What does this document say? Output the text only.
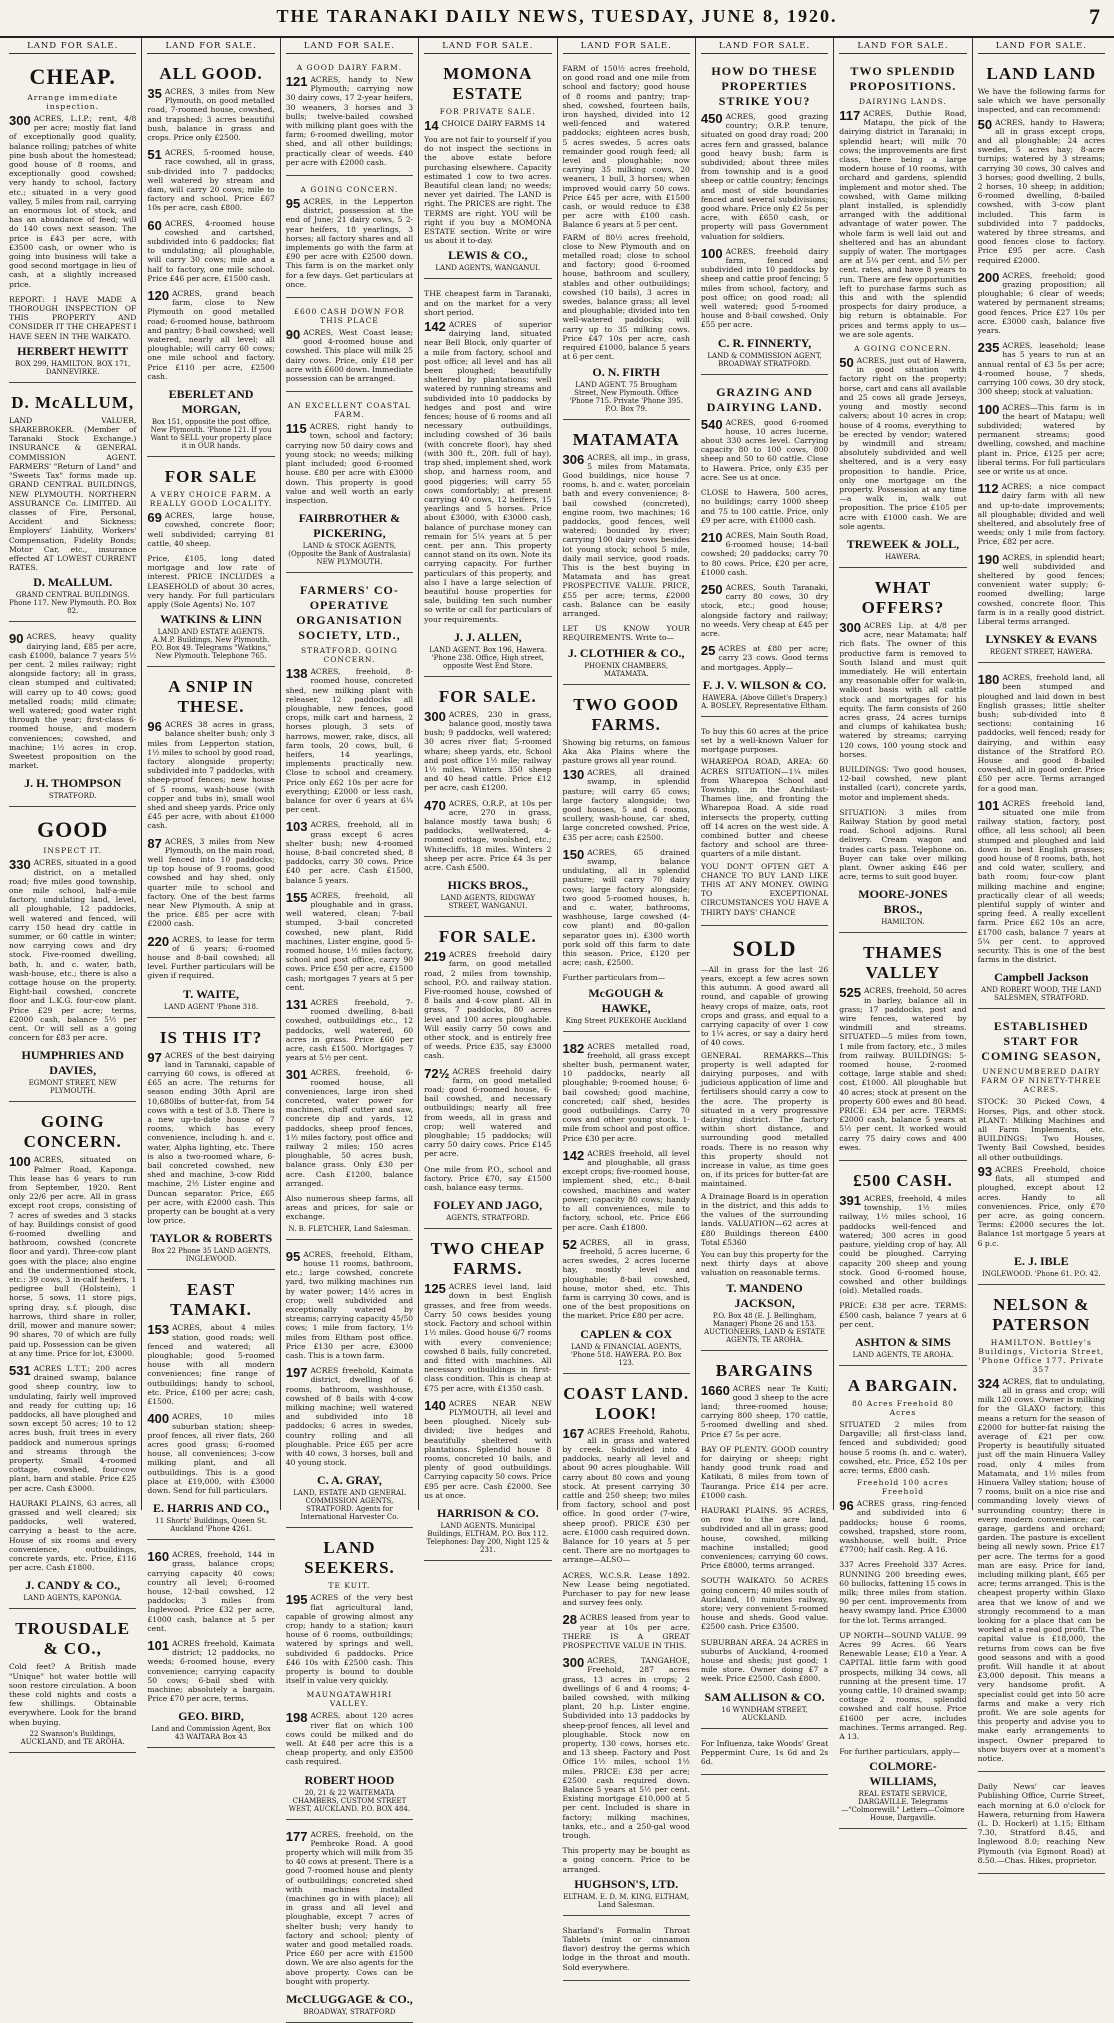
THE TARANAKI DAILY NEWS, TUESDAY, JUNE 8, 1920.	7
LAND FOR SALE.
CHEAP.
Arrange immediate inspection.
300 ACRES, L.I.P.; rent, 4/8 per acre; mostly flat land of exceptionally good quality, balance rolling; patches of white pine bush about the homestead; good house of 8 rooms, and exceptionally good cowshed; very handy to school, factory etc.; situated in a very good valley, 5 miles from rail, carrying an enormous lot of stock, and has an abundance of feed; will do 140 cows next season. The price is £43 per acre, with £3500 cash, or owner who is going into business will take a good second mortgage in lieu of cash, at a slightly increased price.
REPORT: I HAVE MADE A THOROUGH INSPECTION OF THIS PROPERTY AND CONSIDER IT THE CHEAPEST I HAVE SEEN IN THE WAIKATO.
HERBERT HEWITT
BOX 299, HAMILTON. BOX 171, DANNEVIRKE.
D. McALLUM,
LAND VALUER, SHAREBROKER. (Member of Taranaki Stock Exchange.) INSURANCE & GENERAL COMMISSION AGENT. FARMERS' "Return of Land" and "Sweets Tax" forms made up. GRAND CENTRAL BUILDINGS, NEW PLYMOUTH. NORTHERN ASSURANCE Co. LIMITED. All classes of Fire, Personal, Accident and Sickness; Employers' Liability, Workers' Compensation, Fidelity Bonds; Motor Car, etc., insurance effected AT LOWEST CURRENT RATES.
D. McALLUM.
GRAND CENTRAL BUILDINGS. Phone 117. New Plymouth. P.O. Box 82.
90 ACRES, heavy quality dairying land, £85 per acre, cash £1000, balance 7 years 5½ per cent. 2 miles railway; right alongside factory; all in grass, clean stumped and cultivated; will carry up to 40 cows; good metalled roads; mild climate; well watered; good water right through the year; first-class 6-roomed house, and modern conveniences; cowshed, and machine; 1½ acres in crop. Sweetest proposition on the market.
J. H. THOMPSON
STRATFORD.
GOOD
INSPECT IT.
330 ACRES, situated in a good district, on a metalled road; five miles good township, one mile school, half-a-mile factory, undulating land, level, all ploughable, 12 paddocks, well watered and fenced, will carry 150 head dry cattle in summer, or 60 cattle in winter; now carrying cows and dry stock. Five-roomed dwelling, bath, h. and c. water, bath, wash-house, etc.; there is also a cottage house on the property. Eight-bail cowshed, concrete floor and L.K.G. four-cow plant. Price £29 per acre; terms, £2000 cash, balance 5½ per cent. Or will sell as a going concern for £83 per acre.
HUMPHRIES AND DAVIES,
EGMONT STREET, NEW PLYMOUTH.
GOING CONCERN.
100 ACRES, situated on Palmer Road, Kaponga. This lease has 6 years to run from September, 1920. Rent only 22/6 per acre. All in grass except root crops, consisting of 7 acres of swedes and 3 stacks of hay. Buildings consist of good 6-roomed dwelling and bathroom, cowshed (concrete floor and yard). Three-cow plant goes with the place; also engine and the undermentioned stock, etc.: 39 cows, 3 in-calf heifers, 1 pedigree bull (Holstein), 1 horse, 5 sows, 11 store pigs, spring dray, s.f. plough, disc harrows, third share in roller, drill, mower and manure sower; 90 shares, 70 of which are fully paid up. Possession can be given at any time. Price for lot, £3000.
531 ACRES L.T.T.; 200 acres drained swamp, balance good sheep country, low to undulating, fairly well improved and ready for cutting up; 16 paddocks, all have ploughed and sown except 50 acres; 10 to 12 acres bush, fruit trees in every paddock and numerous springs and streams through the property. Small 4-roomed cottage, cowshed, four-cow plant, barn and stable. Price £25 per acre. Cash £3000.
HAURAKI PLAINS, 63 acres, all grassed and well cleared; six paddocks, well watered, carrying a beast to the acre. House of six rooms and every convenience, outbuildings, concrete yards, etc. Price, £116 per acre. Cash £1800.
J. CANDY & CO.,
LAND AGENTS, KAPONGA.
TROUSDALE & CO.,
Cold feet? A British made "Unique" hot water bottle will soon restore circulation. A boon these cold nights and costs a few shillings. Obtainable everywhere. Look for the brand when buying.
22 Swanson's Buildings, AUCKLAND, and TE AROHA.
LAND FOR SALE.
ALL GOOD.
35 ACRES, 3 miles from New Plymouth, on good metalled road, 7-roomed house, cowshed, and trapshed; 3 acres beautiful bush, balance in grass and crops. Price only £2500.
51 ACRES, 5-roomed house, race cowshed, all in grass, sub-divided into 7 paddocks; well watered by stream and dam, will carry 20 cows; mile to factory and school. Price £67 10s per acre, cash £800.
60 ACRES, 4-roomed house cowshed and cartshed, subdivided into 6 paddocks; flat to undulating; all ploughable, will carry 30 cows; mile and a half to factory, one mile school. Price £46 per acre, £1500 cash.
120 ACRES, grand beach farm, close to New Plymouth on good metalled road; 6-roomed house, bathroom and pantry; 8-bail cowshed; well watered, nearly all level; all ploughable; will carry 60 cows; one mile school and factory. Price £110 per acre, £2500 cash.
EBERLET AND MORGAN,
Box 151, opposite the post office, New Plymouth. 'Phone 121. If you Want to SELL your property place it in OUR hands.
FOR SALE
A VERY CHOICE FARM. A REALLY GOOD LOCALITY.
69 ACRES, large house, cowshed, concrete floor; well subdivided; carrying 81 cattle, 40 sheep.
Price, £105, long dated mortgage and low rate of interest. PRICE INCLUDES a LEASEHOLD of about 30 acres, very handy. For full particulars apply (Sole Agents) No. 107
WATKINS & LINN
LAND AND ESTATE AGENTS. A.M.P. Buildings, New Plymouth. P.O. Box 49. Telegrams "Watkins," New Plymouth. Telephone 765.
A SNIP IN THESE.
96 ACRES 38 acres in grass, balance shelter bush; only 3 miles from Lepperton station, 1½ miles to school by good road, factory alongside property; subdivided into 7 paddocks, with sheep-proof fences; new house of 5 rooms, wash-house (with copper and tubs in), small wool shed and sheep yards. Price only £45 per acre, with about £1000 cash.
87 ACRES, 3 miles from New Plymouth, on the main road, well fenced into 10 paddocks; tip top house of 9 rooms, good cowshed and hay shed, only quarter mile to school and factory. One of the best farms near New Plymouth. A snip at the price. £85 per acre with £2000 cash.
220 ACRES, to lease for term of 6 years; 6-roomed house and 8-bail cowshed; all level. Further particulars will be given if required.
T. WAITE,
LAND AGENT 'Phone 318.
IS THIS IT?
97 ACRES of the best dairying land in Taranaki, capable of carrying 60 cows, is offered at £65 an acre. The returns for season ending 30th April are 10,680lbs of butter-fat, from 54 cows with a test of 3.8. There is a new up-to-date house of 7 rooms, which has every convenience, including h. and c. water, Alpha lighting, etc. There is also a two-roomed whare, 6-bail concreted cowshed, new shed and machine, 3-cow Ridd machine, 2½ Lister engine and Duncan separator. Price, £65 per acre, with £2000 cash. This property can be bought at a very low price.
TAYLOR & ROBERTS
Box 22 Phone 35 LAND AGENTS, INGLEWOOD.
EAST TAMAKI.
153 ACRES, about 4 miles station, good roads; well fenced and watered; all ploughable; good 5-roomed house with all modern conveniences; fine range of outbuildings; handy to school, etc. Price, £100 per acre; cash, £1500.
400 ACRES, 10 miles suburban station; sheep-proof fences, all river flats, 260 acres good grass; 6-roomed house, all conveniences; 3-cow milking plant, and all outbuildings. This is a good place at £19,000, with £3000 down. Send for full particulars.
E. HARRIS AND CO.,
11 Shorts' Buildings, Queen St. Auckland 'Phone 4261.
160 ACRES, freehold, 144 in grass, balance crops; carrying capacity 40 cows; country all level; 6-roomed house, 12-bail cowshed, 12 paddocks; 3 miles from Inglewood. Price £32 per acre, £1000 cash, balance at 5 per cent.
101 ACRES freehold, Kaimata district; 12 paddocks, no weeds; 6-roomed house, every convenience; carrying capacity 50 cows; 6-bail shed with machine; absolutely a bargain. Price £70 per acre, terms.
GEO. BIRD,
Land and Commission Agent, Box 43 WAITARA Box 43
LAND FOR SALE.
A GOOD DAIRY FARM.
121 ACRES, handy to New Plymouth; carrying now 30 dairy cows, 17 2-year heifers, 30 weaners, 3 horses and 3 bulls; twelve-bailed cowshed with milking plant goes with the farm; 6-roomed dwelling, motor shed, and all other buildings; practically clear of weeds. £40 per acre with £2000 cash.
A GOING CONCERN.
95 ACRES, in the Lepperton district, possession at the end of June; 21 dairy cows, 5 2-year heifers, 18 yearlings, 3 horses; all factory shares and all implements go with the farm at £90 per acre with £2500 down. This farm is on the market only for a few days. Get particulars at once.
£600 CASH DOWN FOR THIS PLACE
90 ACRES, West Coast lease; good 4-roomed house and cowshed. This place will milk 25 dairy cows. Price, only £18 per acre with £600 down. Immediate possession can be arranged.
AN EXCELLENT COASTAL FARM.
115 ACRES, right handy to town, school and factory; carrying now 50 dairy cows and young stock; no weeds; milking plant included; good 6-roomed house. £80 per acre with £3000 down. This property is good value and well worth an early inspection.
FAIRBROTHER & PICKERING,
LAND & STOCK AGENTS, (Opposite the Bank of Australasia) NEW PLYMOUTH.
FARMERS' CO-OPERATIVE ORGANISATION SOCIETY, LTD.,
STRATFORD. GOING CONCERN.
138 ACRES, freehold, 8-roomed house, concreted shed, new milking plant with releaser, 12 paddocks all ploughable, new fences, good crops, milk cart and harness, 2 horses plough, 3 sets of harrows, mower, rake, discs, all farm tools, 20 cows, bull, 6 heifers, 14 yearlings, implements practically new. Close to school and creamery. Price only £62 10s per acre for everything; £2000 or less cash, balance for over 6 years at 6¼ per cent.
103 ACRES, freehold, all in grass except 6 acres shelter bush; new 4-roomed house, 8-bail concreted shed, 8 paddocks, carry 30 cows. Price £40 per acre. Cash £1500, balance 5 years.
155 ACRES, freehold, all ploughable and in grass, well watered, clean; 7-bail stumped, 3-bail concreted cowshed, new plant, Ridd machines, Lister engine, good 5-roomed house, 1½ miles factory, school and post office, carry 90 cows. Price £50 per acre, £1500 cash; mortgages 7 years at 5 per cent.
131 ACRES freehold, 7-roomed dwelling, 8-bail cowshed, outbuildings etc., 12 paddocks, well watered, 60 acres in grass. Price £60 per acre, cash £1500. Mortgages 7 years at 5½ per cent.
301 ACRES, freehold, 6-roomed house, all conveniences, large iron shed concreted, water power for machines, chaff cutter and saw, concrete dip and yards, 12 paddocks, sheep proof fences, 1½ miles factory, post office and railway 2 miles; 150 acres ploughable, 50 acres bush, balance grass. Only £30 per acre. Cash £1200, balance arranged.
Also numerous sheep farms, all areas and prices, for sale or exchange.
N. B. FLETCHER, Land Salesman.
95 ACRES, freehold, Eltham, house 11 rooms, bathroom, etc.; large cowshed, concrete yard, two milking machines run by water power; 14½ acres in crop; well subdivided and exceptionally watered by streams; carrying capacity 45/50 cows; 1 mile from factory, 1½ miles from Eltham post office. Price £130 per acre, £3000 cash. This is a town farm.
197 ACRES freehold, Kaimata district, dwelling of 6 rooms, bathroom, washhouse, cowshed of 8 bails with 4-cow milking machine; well watered and subdivided into 18 paddocks; 6 acres in swedes, country rolling and all ploughable. Price £65 per acre with 40 cows, 3 horses, bull and 40 young stock.
C. A. GRAY,
LAND, ESTATE AND GENERAL COMMISSION AGENTS, STRATFORD. Agents for International Harvester Co.
LAND SEEKERS.
TE KUIT.
195 ACRES of the very best flat agricultural land, capable of growing almost any crop; handy to a station; kauri house of 6 rooms, outbuildings; watered by springs and well, subdivided 6 paddocks. Price £46 10s with £2500 cash. This property is bound to double itself in value very quickly.
MAUNGATAWHIRI VALLEY.
198 ACRES, about 120 acres river flat on which 100 cows could be milked and do well. At £48 per acre this is a cheap property, and only £3500 cash required.
ROBERT HOOD
20, 21 & 22 WAITEMATA CHAMBERS, CUSTOM STREET WEST, AUCKLAND. P.O. BOX 484.
177 ACRES, freehold, on the Pembroke Road. A good property which will milk from 35 to 40 cows at present. There is a good 7-roomed house and plenty of outbuildings; concreted shed with machines installed (machines go in with place); all in grass and all level and ploughable, except 7 acres of shelter bush; very handy to factory and school; plenty of water and good metalled roads. Price £60 per acre with £1500 down. We are also agents for the above property. Cows can be bought with property.
McCLUGGAGE & CO.,
BROADWAY, STRATFORD
LAND FOR SALE.
MOMONA ESTATE
FOR PRIVATE SALE.
14 CHOICE DAIRY FARMS 14
You are not fair to yourself if you do not inspect the sections in the above estate before purchasing elsewhere. Capacity estimated 1 cow to two acres. Beautiful clean land; no weeds; never yet dairied. The LAND is right. The PRICES are right. The TERMS are right. YOU will be right if you buy a MOMONA ESTATE section. Write or wire us about it to-day.
LEWIS & CO.,
LAND AGENTS, WANGANUI.
THE cheapest farm in Taranaki, and on the market for a very short period.
142 ACRES of superior dairying land, situated near Bell Block, only quarter of a mile from factory, school and post office; all level and has all been ploughed; beautifully sheltered by plantations; well watered by running streams and subdivided into 10 paddocks by hedges and post and wire fences; house of 6 rooms and all necessary outbuildings, including cowshed of 36 bails (with concrete floor), hay shed (with 300 ft., 20ft. full of hay), trap shed, implement shed, work shop, and harness room, and good piggeries; will carry 55 cows comfortably; at present carrying 40 cows, 12 heifers, 15 yearlings and 5 horses. Price about £3000, with £3000 cash, balance of purchase money can remain for 5¼ years at 5 per cent. per ann. This property cannot stand on its own. Note its carrying capacity. For further particulars of this property, and also I have a large selection of beautiful house properties for sale, building ten such number so write or call for particulars of your requirements.
J. J. ALLEN,
LAND AGENT. Box 196, Hawera. 'Phone 238. Office, High street, opposite West End Store.
FOR SALE.
300 ACRES, 230 in grass, balance good, mostly tawa bush; 9 paddocks, well watered; 30 acres river flat; 5-roomed whare; sheep yards, etc. School and post office 1½ mile; railway 1½ miles. Winters 350 sheep and 40 head cattle. Price £12 per acre, cash £1200.
470 ACRES, O.R.P., at 10s per acre, 270 in grass, balance mostly tawa bush; 6 paddocks, wellwatered, 4-roomed cottage, woolshed, etc.; Whitecliffs, 18 miles. Winters 2 sheep per acre. Price £4 3s per acre. Cash £500.
HICKS BROS.,
LAND AGENTS, RIDGWAY STREET, WANGANUI.
FOR SALE.
219 ACRES freehold dairy farm, on good metalled road, 2 miles from township, school, P.O. and railway station. Five-roomed house, cowshed of 8 bails and 4-cow plant. All in grass, 7 paddocks, 80 acres level and 100 acres ploughable. Will easily carry 50 cows and other stock, and is entirely free of weeds. Price £35, say £3000 cash.
72½ ACRES freehold dairy farm, on good metalled road; good 6-roomed house, 6-bail cowshed, and necessary outbuildings; nearly all free from weeds, all in grass and crop; well watered and ploughable; 15 paddocks; will carry 50 dairy cows. Price £145 per acre.
One mile from P.O., school and factory. Price £70, say £1500 cash, balance easy terms.
FOLEY AND JAGO,
AGENTS, STRATFORD.
TWO CHEAP FARMS.
125 ACRES level land, laid down in best English grasses, and free from weeds. Carry 50 cows besides young stock. Factory and school within 1½ miles. Good house 6/7 rooms with every convenience; cowshed 8 bails, fully concreted, and fitted with machines. All necessary outbuildings in first-class condition. This is cheap at £75 per acre, with £1350 cash.
140 ACRES NEAR NEW PLYMOUTH, all level and been ploughed. Nicely sub-divided; live hedges and beautifully sheltered with plantations. Splendid house 8 rooms, concreted 10 bails, and plenty of good outbuildings. Carrying capacity 50 cows. Price £95 per acre. Cash £2000. See us at once.
HARRISON & CO.
LAND AGENTS. Municipal Buildings, ELTHAM. P.O. Box 112. Telephones: Day 200, Night 125 & 231.
LAND FOR SALE.
FARM of 150½ acres freehold, on good road and one mile from school and factory; good house of 8 rooms and pantry; trap-shed, cowshed, fourteen bails, iron hayshed, divided into 12 well-fenced and watered paddocks; eighteen acres bush, 5 acres swedes, 5 acres oats remainder good rough feed; all level and ploughable; now carrying 35 milking cows, 20 weaners, 1 bull, 3 horses; when improved would carry 50 cows. Price £45 per acre, with £1500 cash, or would reduce to £38 per acre with £100 cash. Balance 6 years at 5 per cent.
FARM of 80½ acres freehold, close to New Plymouth and on metalled road; close to school and factory; good 6-roomed house, bathroom and scullery, stables and other outbuildings; cowshed (10 bails), 3 acres in swedes, balance grass; all level and ploughable; divided into ten well-watered paddocks; will carry up to 35 milking cows. Price £47 10s per acre, cash required £1000, balance 5 years at 6 per cent.
O. N. FIRTH
LAND AGENT. 75 Brougham Street, New Plymouth. Office 'Phone 715. Private 'Phone 395. P.O. Box 79.
MATAMATA
306 ACRES, all imp., in grass, 5 miles from Matamata. Good buildings, nice house 7 rooms, h. and c. water, porcelain bath and every convenience; 8-bail cowshed (concreted), engine room, two machines; 16 paddocks, good fences, well watered; bounded by river; carrying 100 dairy cows besides lot young stock; school 5 mile, daily mail service, good roads. This is the best buying in Matamata and has great PROSPECTIVE VALUE. PRICE, £55 per acre; terms, £2000 cash. Balance can be easily arranged.
LET US KNOW YOUR REQUIREMENTS. Write to—
J. CLOTHIER & CO.,
PHOENIX CHAMBERS, MATAMATA.
TWO GOOD FARMS.
Showing big returns, on famous Aka Aka Plains where the pasture grows all year round.
130 ACRES, all drained swamp, in splendid pasture; will carry 65 cows; large factory alongside; two good houses, 5 and 6 rooms, scullery, wash-house, car shed, large concreted cowshed. Price, £35 per acre; cash £2500.
150 ACRES, 65 drained swamp, balance undulating, all in splendid pasture; will carry 70 dairy cows; large factory alongside; two good 5-roomed houses, h. and c. water, bathrooms, washhouse, large cowshed (4-cow plant) and 80-gallon separator goes in). £300 worth pork sold off this farm to date this season. Price, £120 per acre; cash, £2500.
Further particulars from—
McGOUGH & HAWKE,
King Street PUKEKOHE Auckland
182 ACRES metalled road, freehold, all grass except shelter bush, permanent water, 10 paddocks, nearly all ploughable; 9-roomed house; 6-bail cowshed; good machine, concreted; calf shed, besides good outbuildings. Carry 70 cows and other young stock. 1-mile from school and post office. Price £30 per acre.
142 ACRES freehold, all level and ploughable, all grass except crops; five-roomed house, implement shed, etc.; 8-bail cowshed, machines and water power; capacity 80 cows; handy to all conveniences, mile to factory, school, etc. Price £66 per acre. Cash £1800.
52 ACRES, all in grass, freehold, 5 acres lucerne, 6 acres swedes, 2 acres lucerne hay, mostly level and ploughable; 8-bail cowshed, house, motor shed, etc. This farm is carrying 30 cows, and is one of the best propositions on the market. Price £80 per acre.
CAPLEN & COX
LAND & FINANCIAL AGENTS, 'Phone 518. HAWERA. P.O. Box 123.
COAST LAND. LOOK!
167 ACRES Freehold, Rahotu, all in grass and watered by creek. Subdivided into 4 paddocks, nearly all level and about 90 acres ploughable. Will carry about 80 cows and young stock. At present carrying 30 cattle and 250 sheep; two miles from factory, school and post office. In good order (7-wire, sheep proof). PRICE £30 per acre. £1000 cash required down. Balance for 10 years at 5 per cent. There are no mortgages to arrange—ALSO—
ACRES, W.C.S.R. Lease 1892. New Lease being negotiated. Purchaser to pay for new lease and survey fees only.
28 ACRES leased from year to year at 10s per acre. THERE IS A GREAT PROSPECTIVE VALUE IN THIS.
300 ACRES, TANGAHOE, Freehold, 287 acres grass, 13 acres in crops; 2 dwellings of 6 and 4 rooms; 4-bailed cowshed, with milking plant, 20 h.p. Lister engine. Subdivided into 13 paddocks by sheep-proof fences, all level and ploughable. Stock now on property, 130 cows, horses etc. and 13 sheep. Factory and Post Office 1½ miles, school 1½ miles. PRICE: £38 per acre; £2500 cash required down. Balance 5 years at 5½ per cent. Existing mortgage £10,000 at 5 per cent. Included is share in factory; milking machines, tanks, etc., and a 250-gal wood trough.
This property may be bought as a going concern. Price to be arranged.
HUGHSON'S, LTD.
ELTHAM. E. D. M. KING, ELTHAM, Land Salesman.
Sharland's Formalin Throat Tablets (mint or cinnamon flavor) destroy the germs which lodge in the throat and mouth. Sold everywhere.
LAND FOR SALE.
HOW DO THESE PROPERTIES STRIKE YOU?
450 ACRES, good grazing country; O.R.P. tenure, situated on good dray road; 200 acres fern and grassed, balance good heavy bush; farm is subdivided; about three miles from township and is a good sheep or cattle country; fencings and most of side boundaries fenced and several subdivisions; good whare. Price only £2 5s per acre, with £650 cash, or property will pass Government valuation for soldiers.
100 ACRES, freehold dairy farm, fenced and subdivided into 10 paddocks by sheep and cattle proof fencing; 5 miles from school, factory, and post office; on good road; all well watered; good 5-roomed house and 8-bail cowshed. Only £55 per acre.
C. R. FINNERTY,
LAND & COMMISSION AGENT, BROADWAY STRATFORD.
GRAZING AND DAIRYING LAND.
540 ACRES, good 6-roomed house, 10 acres lucerne, about 330 acres level. Carrying capacity 80 to 100 cows, 800 sheep and 50 to 60 cattle. Close to Hawera. Price, only £35 per acre. See us at once.
CLOSE to Hawera, 500 acres, no buildings; carry 1000 sheep and 75 to 100 cattle. Price, only £9 per acre, with £1000 cash.
210 ACRES, Main South Road, 6-roomed house; 14-bail cowshed; 20 paddocks; carry 70 to 80 cows. Price, £20 per acre, £1000 cash.
250 ACRES, South Taranaki, carry 80 cows, 30 dry stock, etc.; good house; alongside factory and railway; no weeds. Very cheap at £45 per acre.
25 ACRES at £80 per acre; carry 23 cows. Good terms and mortgages. Apply—
F. J. V. WILSON & CO.
HAWERA. (Above Gillet's Drapery.) A. BOSLEY, Representative Eltham.
To buy this 60 acres at the price set by a well-known Valuer for mortgage purposes.
WHAREPOA ROAD, AREA: 60 ACRES SITUATION—1¼ miles from Wharepoa School and Township, in the Anchilast-Thames line, and fronting the Wharepoa Road. A side road intersects the property, cutting off 14 acres on the west side. A combined butter and cheese factory and school are three-quarters of a mile distant.
YOU DON'T OFTEN GET A CHANCE TO BUY LAND LIKE THIS AT ANY MONEY. OWING TO EXCEPTIONAL CIRCUMSTANCES YOU HAVE A THIRTY DAYS' CHANCE
SOLD
—All in grass for the last 26 years, except a few acres sown this autumn. A good award all round, and capable of growing heavy crops of maize, oats, root crops and grass, and equal to a carrying capacity of over 1 cow to 1¼ acres, or say a dairy herd of 40 cows.
GENERAL REMARKS—This property is well adapted for dairying purposes, and with judicious application of lime and fertilisers should carry a cow to the acre. The property is situated in a very progressive dairying district. The factory within short distance, and surrounding good metalled roads. There is no reason why this property should not increase in value, as time goes on, if its prices for butter-fat are maintained.
A Drainage Board is in operation in the district, and this adds to the values of the surrounding lands. VALUATION—62 acres at £80 Buildings thereon £400 Total £5360
You can buy this property for the next thirty days at above valuation on reasonable terms.
T. MANDENO JACKSON,
P.O. Box 48 (E. J. Bellingham, Manager) Phone 26 and 153. AUCTIONEERS, LAND & ESTATE AGENTS, TE AROHA.
BARGAINS
1660 ACRES near Te Kuiti; good 3 sheep to the acre land; three-roomed house; carrying 800 sheep, 170 cattle, 5-roomed dwelling and shed. Price £7 5s per acre.
BAY OF PLENTY. GOOD country for dairying or sheep; right handy good trunk road and Katikati, 8 miles from town of Tauranga. Price £14 per acre. £1000 cash.
HAURAKI PLAINS. 95 ACRES, on row to the acre land, subdivided and all in grass; good house, cowshed, milking machine installed; good conveniences; carrying 60 cows. Price £8000, terms arranged.
SOUTH WAIKATO. 50 ACRES going concern; 40 miles south of Auckland, 10 minutes railway, store; very convenient 5-roomed house and sheds. Good value. £2500 cash. Price £3500.
SUBURBAN AREA. 24 ACRES in suburbs of Auckland, 4-roomed house and sheds; just good; 1 mile store. Owner doing £7 a week. Price £2500. Cash £800.
SAM ALLISON & CO.
16 WYNDHAM STREET, AUCKLAND.
For Influenza, take Woods' Great Peppermint Cure, 1s 6d and 2s 6d.
LAND FOR SALE.
TWO SPLENDID PROPOSITIONS.
DAIRYING LANDS.
117 ACRES, Duthie Road, Matapu, the pick of the dairying district in Taranaki; in splendid heart; will milk 70 cows; the improvements are first class, there being a large modern house of 10 rooms, with orchard and gardens, splendid implement and motor shed. The cowshed, with Game milking plant installed, is splendidly arranged with the additional advantage of water power. The whole farm is well laid out and sheltered and has an abundant supply of water. The mortgages are at 5¼ per cent. and 5½ per cent. rates, and have 8 years to run. There are few opportunities left to purchase farms such as this and with the splendid prospects for dairy produce, a big return is obtainable. For prices and terms apply to us—we are sole agents.
A GOING CONCERN.
50 ACRES, just out of Hawera, in good situation with factory right on the property; horse, cart and cans all available and 25 cows all grade Jerseys, young and mostly second calvers; about 10 acres in crop; house of 4 rooms, everything to be erected by vendor; watered by windmill and stream; absolutely subdivided and well sheltered, and is a very easy proposition to handle. Price, only one mortgage on the property. Possession at any time—a walk in, walk out proposition. The price £105 per acre with £1000 cash. We are sole agents.
TREWEEK & JOLL,
HAWERA.
WHAT OFFERS?
300 ACRES Lip. at 4/8 per acre, near Matamata; half rich flats. The owner of this productive farm is removed to South Island and must quit immediately. He will entertain any reasonable offer for walk-in, walk-out basis with all cattle stock and mortgages for his equity. The farm consists of 260 acres grass, 24 acres turnips and clumps of kahikatea bush; watered by streams; carrying 120 cows, 100 young stock and horses.
BUILDINGS: Two good houses, 12-bail cowshed, new plant installed (cart), concrete yards, motor and implement sheds.
SITUATION: 3 miles from Railway Station by good metal road. School adjoins. Rural delivery. Cream wagon and trades carts pass. Telephone on. Buyer can take over milking plant. Owner asking £46 per acre, terms to suit good buyer.
MOORE-JONES BROS.,
HAMILTON.
THAMES VALLEY
525 ACRES, freehold, 50 acres in barley, balance all in grass; 17 paddocks, post and wire fences, watered by windmill and streams. SITUATED—5 miles from town, 1 mile from factory, etc., 3 miles from railway. BUILDINGS: 5-roomed house, 2-roomed cottage, large stable and shed; cost, £1000. All ploughable but 40 acres; stock at present on the property 600 ewes and 80 head. PRICE: £34 per acre. TERMS: £2000 cash, balance 5 years at 5½ per cent. It worked would carry 75 dairy cows and 400 ewes.
£500 CASH.
391 ACRES, freehold, 4 miles township, 1½ miles railway, 1½ miles school, 16 paddocks well-fenced and watered; 300 acres in good pasture, yielding crop of hay. All could be ploughed. Carrying capacity 200 sheep and young stock. Good 6-roomed house, cowshed and other buildings (old). Metalled roads.
PRICE: £38 per acre. TERMS: £500 cash, balance 7 years at 6 per cent.
ASHTON & SIMS
LAND AGENTS, TE AROHA.
A BARGAIN.
80 Acres Freehold 80 Acres
SITUATED 2 miles from Dargaville; all first-class land, fenced and subdivided; good house 5 rooms (h. and c. water), cowshed, etc. Price, £52 10s per acre; terms, £800 cash.
Freehold 100 acres Freehold
96 ACRES grass, ring-fenced and subdivided into 6 paddocks; house 6 rooms, cowshed, trapshed, store room, washhouse, well built. Price £7700; half cash. Reg. A 16.
337 Acres Freehold 337 Acres. RUNNING 200 breeding ewes, 60 bullocks, fattening 15 cows in milk; three miles from station. 90 per cent. improvements from heavy swampy land. Price £3000 for the lot. Terms arranged.
UP NORTH—SOUND VALUE. 99 Acres 99 Acres. 66 Years Renewable Lease; £10 a Year. A CAPITAL little farm with good prospects, milking 34 cows, all running at the present time. 17 young cattle, 10 drained swamp; cottage 2 rooms, splendid cowshed and calf house. Price £1600 per acre, includes machines. Terms arranged. Reg. A 13.
For further particulars, apply—
COLMORE-WILLIAMS,
REAL ESTATE SERVICE, DARGAVILLE. Telegrams—"Colmorewill." Letters—Colmore House, Dargaville.
LAND FOR SALE.
LAND LAND
We have the following farms for sale which we have personally inspected, and can recommend:
50 ACRES, handy to Hawera; all in grass except crops, and all ploughable; 24 acres swedes, 5 acres hay; 8-acre turnips; watered by 3 streams; carrying 30 cows, 30 calves and 3 horses; good dwelling, 2 bulls, 2 horses, 10 sheep; in addition; 6-roomed dwelling, 8-bailed cowshed, with 3-cow plant included. This farm is subdivided into 7 paddocks, watered by three streams, and good fences close to factory. Price £95 per acre. Cash required £2000.
200 ACRES, freehold; good grazing proposition; all ploughable; 6 clear of weeds; watered by permanent streams; good fences. Price £27 10s per acre. £3000 cash, balance five years.
235 ACRES, leasehold; lease has 5 years to run at an annual rental of £3 5s per acre; 4-roomed house, 7 sheds, carrying 100 cows, 30 dry stock, 300 sheep; stock at valuation.
100 ACRES—This farm is in the heart of Matapu; well subdivided; watered by permanent streams; good dwelling, cowshed, and machine plant in. Price, £125 per acre; liberal terms. For full particulars see or write us at once.
112 ACRES; a nice compact dairy farm with all new and up-to-date improvements; all ploughable; divided and well sheltered, and absolutely free of weeds; only 1 mile from factory. Price, £82 per acre.
190 ACRES, in splendid heart; well subdivided and sheltered by good fences; convenient water supply; 6-roomed dwelling; large cowshed, concrete floor. This farm is in a really good district. Liberal terms arranged.
LYNSKEY & EVANS
REGENT STREET, HAWERA.
180 ACRES, freehold land, all been stumped and ploughed and laid down in best English grasses; little shelter bush; sub-divided into 8 sections; containing 16 paddocks, well fenced; ready for dairying, and within easy distance of the Stratford P.O. House and good 8-bailed cowshed, all in good order. Price £50 per acre. Terms arranged for a good man.
101 ACRES freehold land, situated one mile from railway station, factory, post office, all less school; all been stumped and ploughed and laid down in best English grasses; good house of 8 rooms, bath, hot and cold water, scullery, and bath room; four-cow plant milking machine and engine; practically clear of all weeds; plentiful supply of winter and spring feed. A really excellent farm. Price £62 10s an acre, £1700 cash, balance 7 years at 5¼ per cent. to approved security. This is one of the best farms in the district.
Campbell Jackson
AND ROBERT WOOD, THE LAND SALESMEN, STRATFORD.
ESTABLISHED START FOR COMING SEASON,
UNENCUMBERED DAIRY FARM OF NINETY-THREE ACRES.
STOCK: 30 Picked Cows, 4 Horses, Pigs, and other stock. PLANT: Milking Machines and all Farm Implements, etc. BUILDINGS: Two Houses, Twenty Bail Cowshed, besides all other outbuildings.
93 ACRES Freehold, choice flats, all stumped and ploughed, except about 12 acres. Handy to all conveniences. Price, only £70 per acre, as going concern. Terms: £2000 secures the lot. Balance 1st mortgage 5 years at 6 p.c.
E. J. IBLE
INGLEWOOD. 'Phone 61. P.O. 42.
NELSON & PATERSON
HAMILTON. Bottley's Buildings, Victoria Street, 'Phone Office 177. Private 357
324 ACRES, flat to undulating, all in grass and crop; will milk 120 cows. Owner is milking for the GLAXO factory, this means a return for the season of £2000 for butter-fat raising the average of £21 per cow. Property is beautifully situated just off the main Hinuera Valley road, only 4 miles from Matamata, and 1½ miles from Hinuera Valley station; house of 7 rooms, built on a nice rise and commanding lovely views of surrounding country; there is every modern convenience; car garage, gardens and orchard; garden. The pasture is excellent being all newly sown. Price £17 per acre. The terms for a good man are easy. Price for land, including milking plant, £65 per acre; terms arranged. This is the cheapest property within Glaxo area that we know of and we strongly recommend to a man looking for a place that can be worked at a real good profit. The capital value is £18,000, the returns from cows can be five good seasons and with a good profit. Will handle it at about £3,000 deposit. This means a very handsome profit. A specialist could get into 50 acre farms and make a very rich profit. We are sole agents for this property and advise you to make early arrangements to inspect. Owner prepared to show buyers over at a moment's notice.
Daily News' car leaves Publishing Office, Currie Street, each morning at 6.0 o'clock for Hawera, returning from Hawera (L. D. Hockerl) at 1.15; Eltham 7.30, Stratford 8.45, and Inglewood 8.0; reaching New Plymouth (via Egmont Road) at 8.50.—Chas. Hikes, proprietor.
